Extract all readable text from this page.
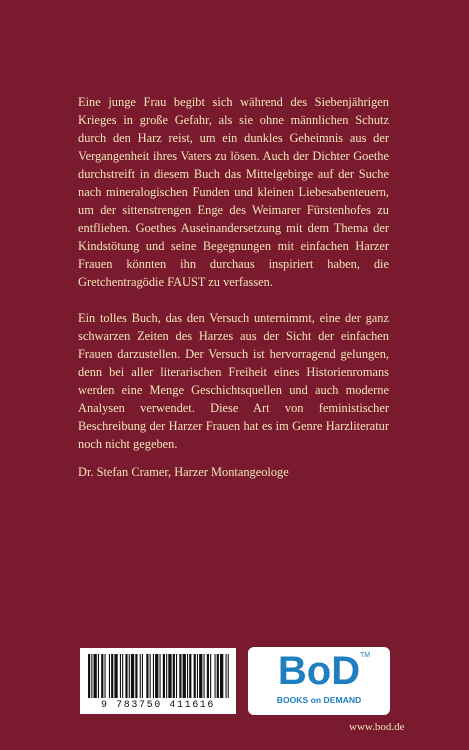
Eine junge Frau begibt sich während des Siebenjährigen Krieges in große Gefahr, als sie ohne männlichen Schutz durch den Harz reist, um ein dunkles Geheimnis aus der Vergangenheit ihres Vaters zu lösen. Auch der Dichter Goethe durchstreift in diesem Buch das Mittelgebirge auf der Suche nach mineralogischen Funden und kleinen Liebesabenteuern, um der sittenstrengen Enge des Weimarer Fürstenhofes zu entfliehen. Goethes Auseinandersetzung mit dem Thema der Kindstötung und seine Begegnungen mit einfachen Harzer Frauen könnten ihn durchaus inspiriert haben, die Gretchentragödie FAUST zu verfassen.

Ein tolles Buch, das den Versuch unternimmt, eine der ganz schwarzen Zeiten des Harzes aus der Sicht der einfachen Frauen darzustellen. Der Versuch ist hervorragend gelungen, denn bei aller literarischen Freiheit eines Historienromans werden eine Menge Geschichtsquellen und auch moderne Analysen verwendet. Diese Art von feministischer Beschreibung der Harzer Frauen hat es im Genre Harzliteratur noch nicht gegeben.

Dr. Stefan Cramer, Harzer Montangeologe
9 783750 411616
BoD TM
BOOKS on DEMAND
www.bod.de
